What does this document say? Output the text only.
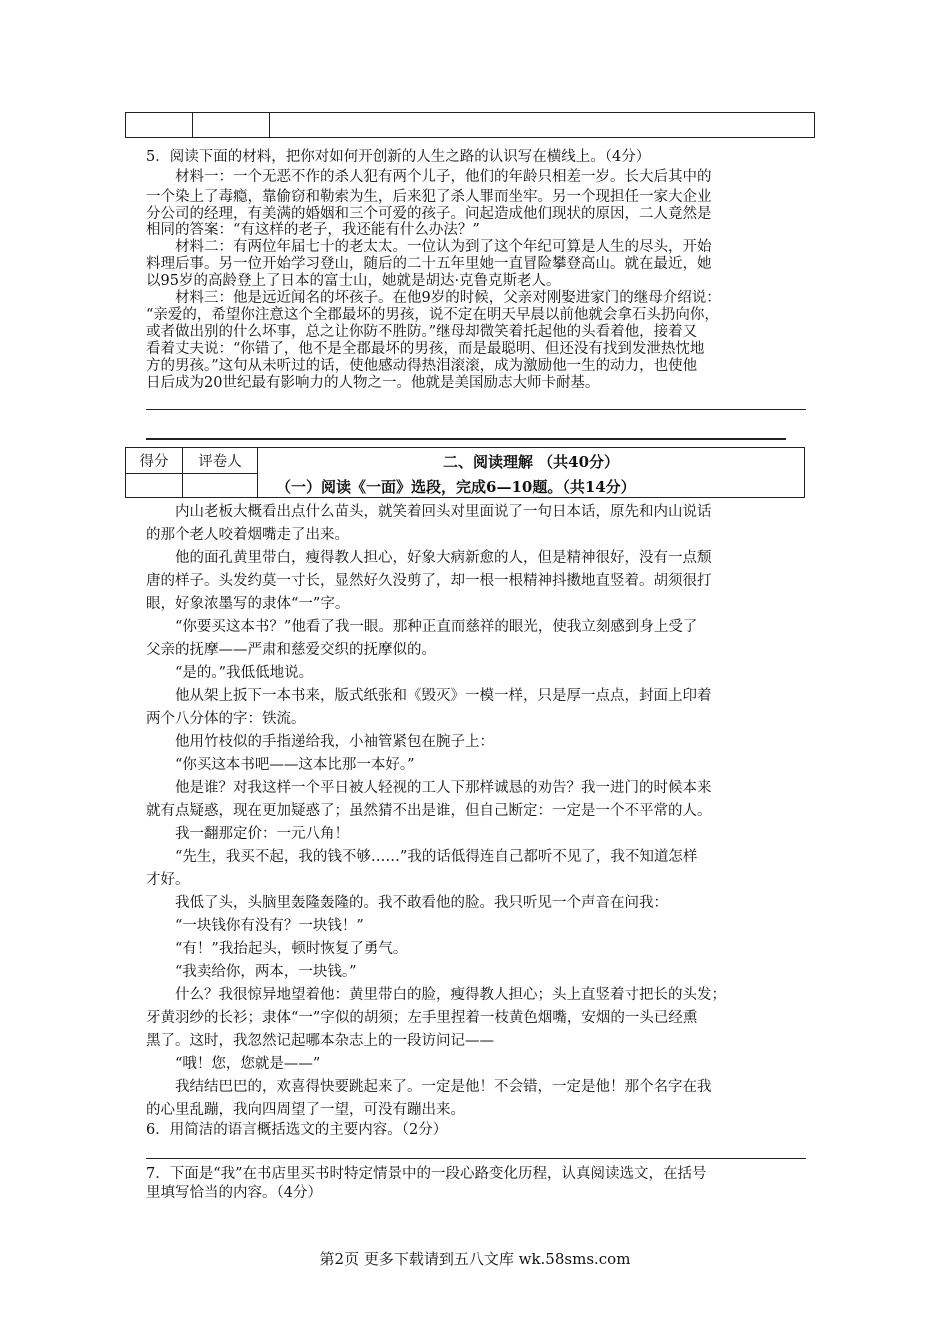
5．阅读下面的材料，把你对如何开创新的人生之路的认识写在横线上。（4分）
材料一：一个无恶不作的杀人犯有两个儿子，他们的年龄只相差一岁。长大后其中的
一个染上了毒瘾，靠偷窃和勒索为生，后来犯了杀人罪而坐牢。另一个现担任一家大企业
分公司的经理，有美满的婚姻和三个可爱的孩子。问起造成他们现状的原因，二人竟然是
相同的答案：“有这样的老子，我还能有什么办法？”
材料二：有两位年届七十的老太太。一位认为到了这个年纪可算是人生的尽头，开始
料理后事。另一位开始学习登山，随后的二十五年里她一直冒险攀登高山。就在最近，她
以95岁的高龄登上了日本的富士山，她就是胡达·克鲁克斯老人。
材料三：他是远近闻名的坏孩子。在他9岁的时候，父亲对刚娶进家门的继母介绍说：
“亲爱的，希望你注意这个全郡最坏的男孩，说不定在明天早晨以前他就会拿石头扔向你，
或者做出别的什么坏事，总之让你防不胜防。”继母却微笑着托起他的头看着他，接着又
看着丈夫说：“你错了，他不是全郡最坏的男孩，而是最聪明、但还没有找到发泄热忱地
方的男孩。”这句从未听过的话，使他感动得热泪滚滚，成为激励他一生的动力，也使他
日后成为20世纪最有影响力的人物之一。他就是美国励志大师卡耐基。
得分	评卷人	二、阅读理解 （共40分）
（一）阅读《一面》选段，完成6—10题。（共14分）

内山老板大概看出点什么苗头，就笑着回头对里面说了一句日本话，原先和内山说话
的那个老人咬着烟嘴走了出来。
他的面孔黄里带白，瘦得教人担心，好象大病新愈的人，但是精神很好，没有一点颓
唐的样子。头发约莫一寸长，显然好久没剪了，却一根一根精神抖擞地直竖着。胡须很打
眼，好象浓墨写的隶体“一”字。
“你要买这本书？”他看了我一眼。那种正直而慈祥的眼光，使我立刻感到身上受了
父亲的抚摩——严肃和慈爱交织的抚摩似的。
“是的。”我低低地说。
他从架上扳下一本书来，版式纸张和《毁灭》一模一样，只是厚一点点，封面上印着
两个八分体的字：铁流。
他用竹枝似的手指递给我，小袖管紧包在腕子上：
“你买这本书吧——这本比那一本好。”
他是谁？对我这样一个平日被人轻视的工人下那样诚恳的劝告？我一进门的时候本来
就有点疑惑，现在更加疑惑了；虽然猜不出是谁，但自己断定：一定是一个不平常的人。
我一翻那定价：一元八角！
“先生，我买不起，我的钱不够……”我的话低得连自己都听不见了，我不知道怎样
才好。
我低了头，头脑里轰隆轰隆的。我不敢看他的脸。我只听见一个声音在问我：
“一块钱你有没有？一块钱！”
“有！”我抬起头，顿时恢复了勇气。
“我卖给你，两本，一块钱。”
什么？我很惊异地望着他：黄里带白的脸，瘦得教人担心；头上直竖着寸把长的头发；
牙黄羽纱的长衫；隶体“一”字似的胡须；左手里捏着一枝黄色烟嘴，安烟的一头已经熏
黑了。这时，我忽然记起哪本杂志上的一段访问记——
“哦！您，您就是——”
我结结巴巴的，欢喜得快要跳起来了。一定是他！不会错，一定是他！那个名字在我
的心里乱蹦，我向四周望了一望，可没有蹦出来。
6．用简洁的语言概括选文的主要内容。（2分）
7．下面是“我”在书店里买书时特定情景中的一段心路变化历程，认真阅读选文，在括号
里填写恰当的内容。（4分）
第2页 更多下载请到五八文库 wk.58sms.com
